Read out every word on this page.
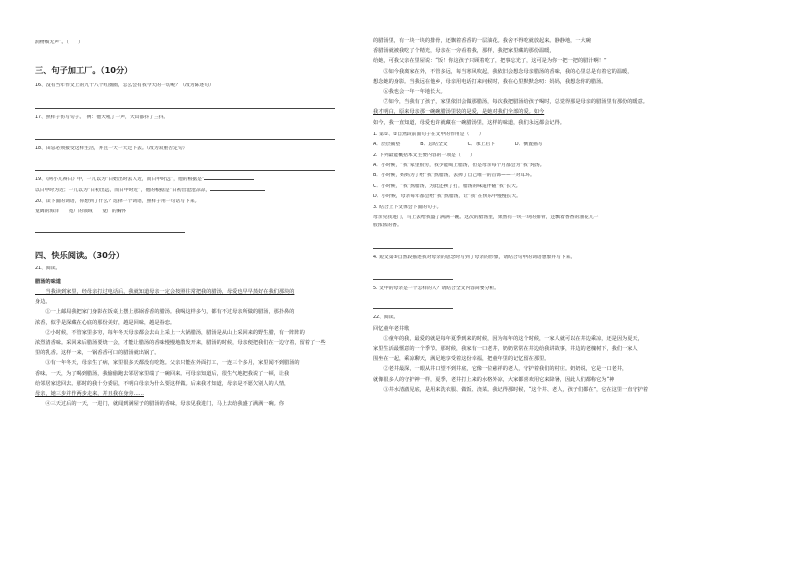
润物细无声”。（　　）

三、句子加工厂。（10分）

16、没有当年作文上的九十八个红圈圈，怎么会有我今天的一切呢？（改为陈述句）

17、照样子仿写句子。　例：他大吼了一声，大山都抖了三抖。

18、田忌必须接受这样生活，并且一天一天过下去。（改为双重否定句）

19、《两小儿辩日》中，一儿以为“日始出时去人近，而日中时远”，他的根据是“

以日中时为近；一儿以为“日初出远，而日中时近”，他的根据是“日初出沧沧凉凉，

20、读下面的词语，你想到了什么？选择一个词语，照样子用一句话写下来。

宽阔的海洋　　 宽广的领域　　 宽广的胸怀

四、快乐阅读。（30分）

21、阅读。

腊汤的味道

　　当我读到家里，经母亲打过电话后，我就知道母亲一定会按照往常把我的腊汤，母爱也早早蒸好在我们那块的

身边。

　　①一上邮局我把家门身影在饭桌上摆上那锅香香的腊汤。我喝这样多勺，都有不过母亲所做的腊汤，那扑鼻的

浓香，似乎是深藏在心底的那份美好，越是回味，越是眷恋。

　　②小时候，不管家里多穷，每年冬天母亲都会去山上采上一大锅腊汤，腊汤是从山上采回来的野生腊，有一阵阵的

浓烈清香味。采回来后腊汤要烧一会，才能让腊汤的香味慢慢地散发开来，腊汤的时候，母亲便把我们在一边守着，留着了一些

里的乳香。这样一来，一锅香香可口的腊汤就出锅了。

　　③有一年冬天，母亲生了病，家里很多天都没有吃饱。父亲只能在外面打工，一连三个多月，家里闻不到腊汤的

香味。一天，为了喝到腊汤，我偷偷跑去邻居家里端了一碗回来。可母亲知道后，很生气地把我说了一顿，让我

给邻居家送回去。那时的我十分委屈，不明白母亲为什么要这样做。后来我才知道，母亲是不愿欠别人的人情，

母亲，她三步并作两步走来，并且我在身旁……

　　④三天过后的一天，一进门，就闻到满屋子的腊汤的香味，母亲见我进门，马上去给我盛了满满一碗。你

的腊汤里，有一块一块的排骨，还飘着香香的一层油花。我舍不得吃就放起来。静静地，一大碗

香腊汤就被我吃了个精光，母亲在一旁看着我，那样，我把家里藏的那份温暖，

给她，可我父亲在里屋说：“饭！你这孩子只顾着吃了，把事忘光了，这可是为你一把一把的腊汁啊！”

　　⑤如今我离家在外，不管多远，每当寒风吹起，我依旧会想念母亲腊汤的香味，我的心里总是有着它的温暖，

想念她的身影。当我远在他乡，母亲用电话打来问候时，我在心里默默念叨：妈妈，我想念你的腊汤。

　　⑥我也会一年一年地长大。

　　⑦如今，当我有了孩子，家里依旧会做那腊汤，每次我把腊汤给孩子喝时，总觉得那是母亲的腊汤里有那份的暖意。

我才明白，原来母亲那一碗碗腊汤里装的是爱，是她对我们全部的爱。如今

如今，我一直知道，母爱也许就藏在一碗腊汤里，这样的味道，我们永远都会记得。

1. 第①、②自然段前面句子在文中的作用是（　　）

A．层层铺垫	B．总结全文	C．承上启下	D．倒置描写

2. 下列最能概括本文主要内容的一项是（　　）

A．小时候，“我”家里很穷，我少能喝上腊汤，但是母亲每个月都会为“我”炖汤。

B．小时候，妈妈为了给“我”熬腊汤，去掉了自己唯一的首饰——一对耳环。

C．小时候，“我”熬腊汤，为此还挨了打，腊汤的味道伴随“我”长大。

D．小时候，母亲每年都会给“我”熬腊汤，让“我”在快乐中慢慢长大。

3. 结合上下文体会下面的句子。

母亲见我进门，马上去给我盛了满满一碗。这次的腊汤里，果然有一块一块的排骨，还飘着香香的油花儿一

股浓浓的香。

4. 短文第⑤自然段描述我对母亲的思念时写到了母亲的形象，请结合句中的词语想象并写下来。

5. 文中的母亲是一个怎样的人？请结合全文内容简要分析。

22、阅读。

回忆童年老井歌

　　①童年的我，最爱的就是每年夏季到来的时候，因为每年的这个时候，一家人就可以在井边乘凉，还是因为夏天，

家里生活最惬意的一个季节。那时候，我家有一口老井，奶奶常常在井边给我讲故事，井边的老槐树下，我们一家人

围坐在一起，乘凉聊天，满足地享受着这份幸福，把童年里的记忆留在那里。

　　②老井最深，一眼从井口望不到井底，它像一位慈祥的老人，守护着我们的村庄。奶奶说，它是一口老井，

就像很多人的守护神一样，夏季，老井打上来的水格外凉，大家都喜欢用它来降暑，因此人们都称它为“神

　　③井水清澈见底，是用来洗衣服、做饭、浇菜。我记得那时候，“这个井、老人，孩子们都在”，它在这里一直守护着
